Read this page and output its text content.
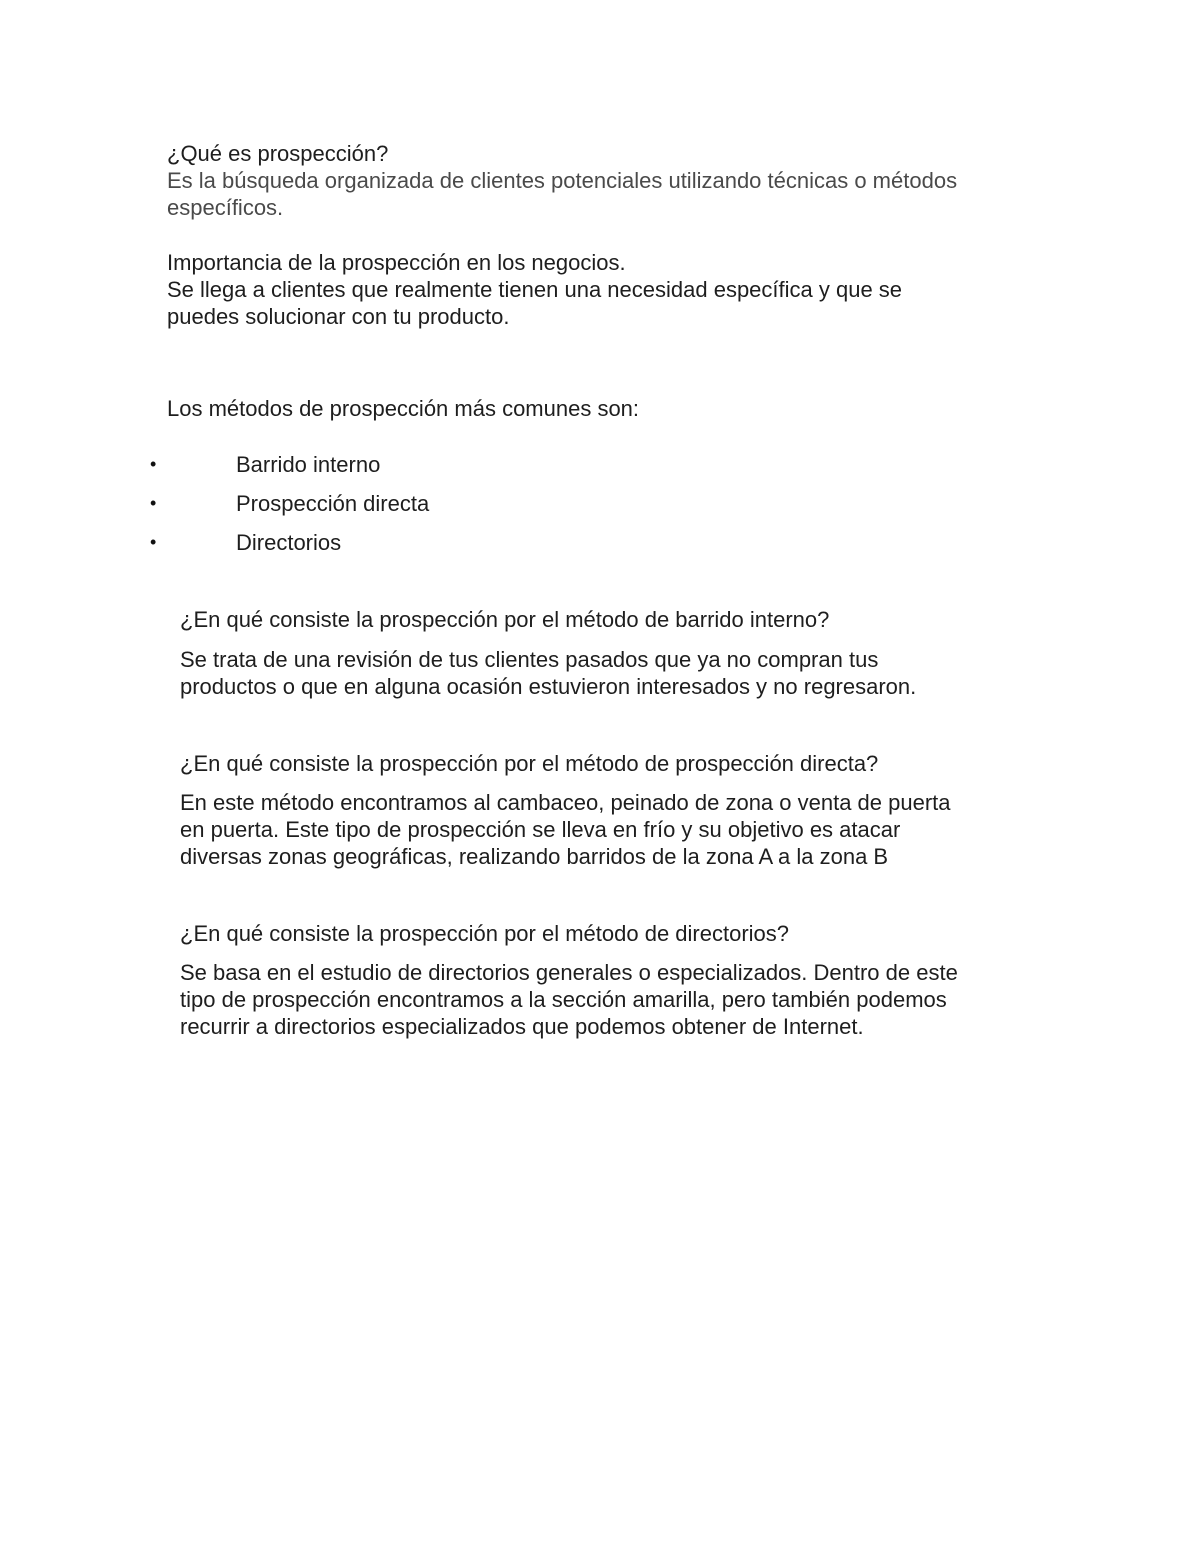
¿Qué es prospección?

Es la búsqueda organizada de clientes potenciales utilizando técnicas o métodos

específicos.

Importancia de la prospección en los negocios.

Se llega a clientes que realmente tienen una necesidad específica y que se

puedes solucionar con tu producto.

Los métodos de prospección más comunes son:

•	Barrido interno
•	Prospección directa
•	Directorios

¿En qué consiste la prospección por el método de barrido interno?

Se trata de una revisión de tus clientes pasados que ya no compran tus

productos o que en alguna ocasión estuvieron interesados y no regresaron.

¿En qué consiste la prospección por el método de prospección directa?

En este método encontramos al cambaceo, peinado de zona o venta de puerta

en puerta. Este tipo de prospección se lleva en frío y su objetivo es atacar

diversas zonas geográficas, realizando barridos de la zona A a la zona B

¿En qué consiste la prospección por el método de directorios?

Se basa en el estudio de directorios generales o especializados. Dentro de este

tipo de prospección encontramos a la sección amarilla, pero también podemos

recurrir a directorios especializados que podemos obtener de Internet.
